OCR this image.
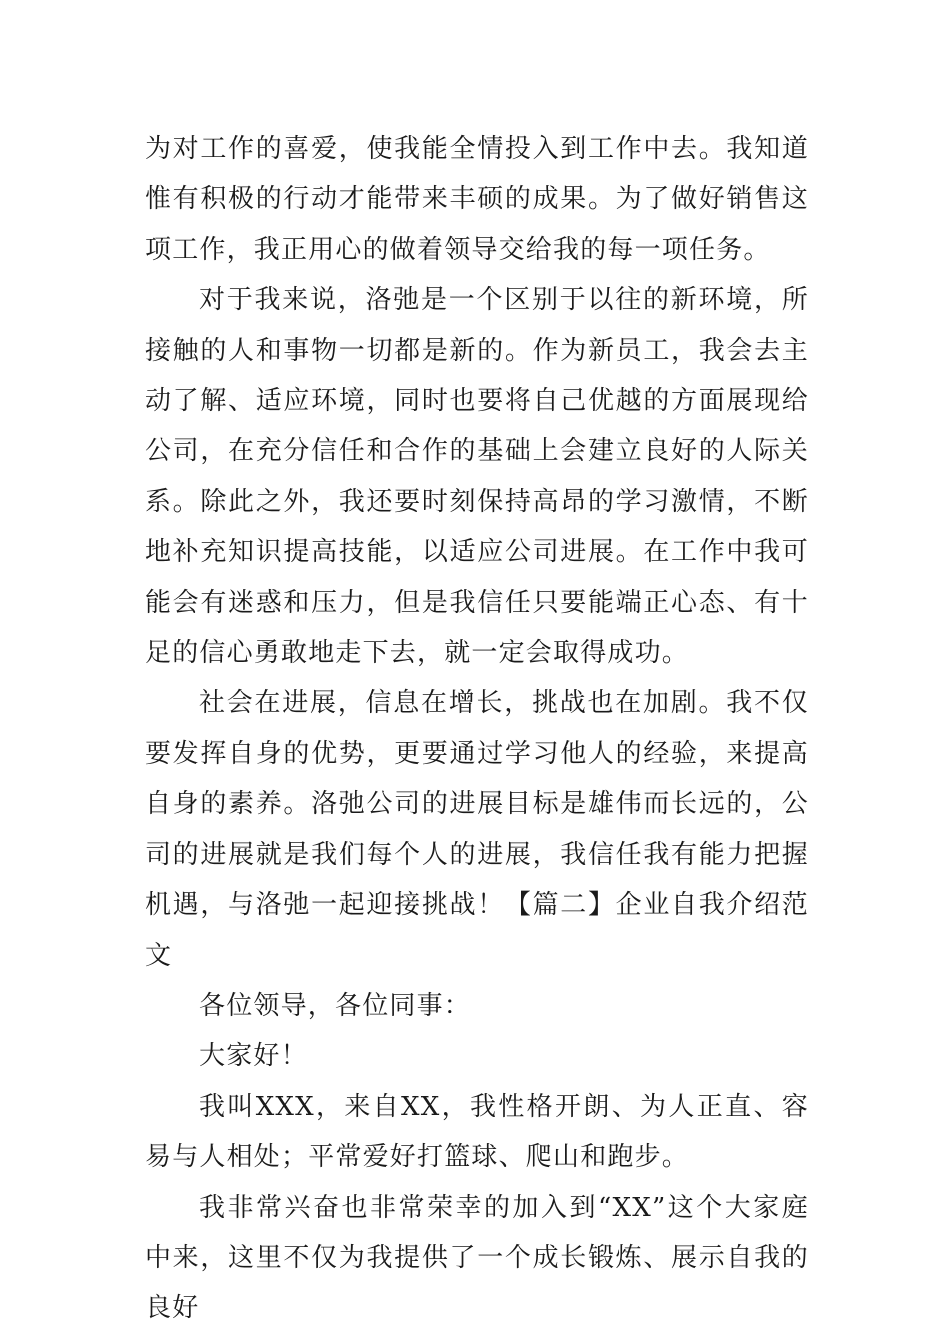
为对工作的喜爱，使我能全情投入到工作中去。我知道惟有积极的行动才能带来丰硕的成果。为了做好销售这项工作，我正用心的做着领导交给我的每一项任务。

对于我来说，洛弛是一个区别于以往的新环境，所接触的人和事物一切都是新的。作为新员工，我会去主动了解、适应环境，同时也要将自己优越的方面展现给公司，在充分信任和合作的基础上会建立良好的人际关系。除此之外，我还要时刻保持高昂的学习激情，不断地补充知识提高技能，以适应公司进展。在工作中我可能会有迷惑和压力，但是我信任只要能端正心态、有十足的信心勇敢地走下去，就一定会取得成功。

社会在进展，信息在增长，挑战也在加剧。我不仅要发挥自身的优势，更要通过学习他人的经验，来提高自身的素养。洛弛公司的进展目标是雄伟而长远的，公司的进展就是我们每个人的进展，我信任我有能力把握机遇，与洛弛一起迎接挑战！【篇二】企业自我介绍范文

各位领导，各位同事：

大家好！

我叫XXX，来自XX，我性格开朗、为人正直、容易与人相处；平常爱好打篮球、爬山和跑步。

我非常兴奋也非常荣幸的加入到“XX”这个大家庭中来，这里不仅为我提供了一个成长锻炼、展示自我的良好
